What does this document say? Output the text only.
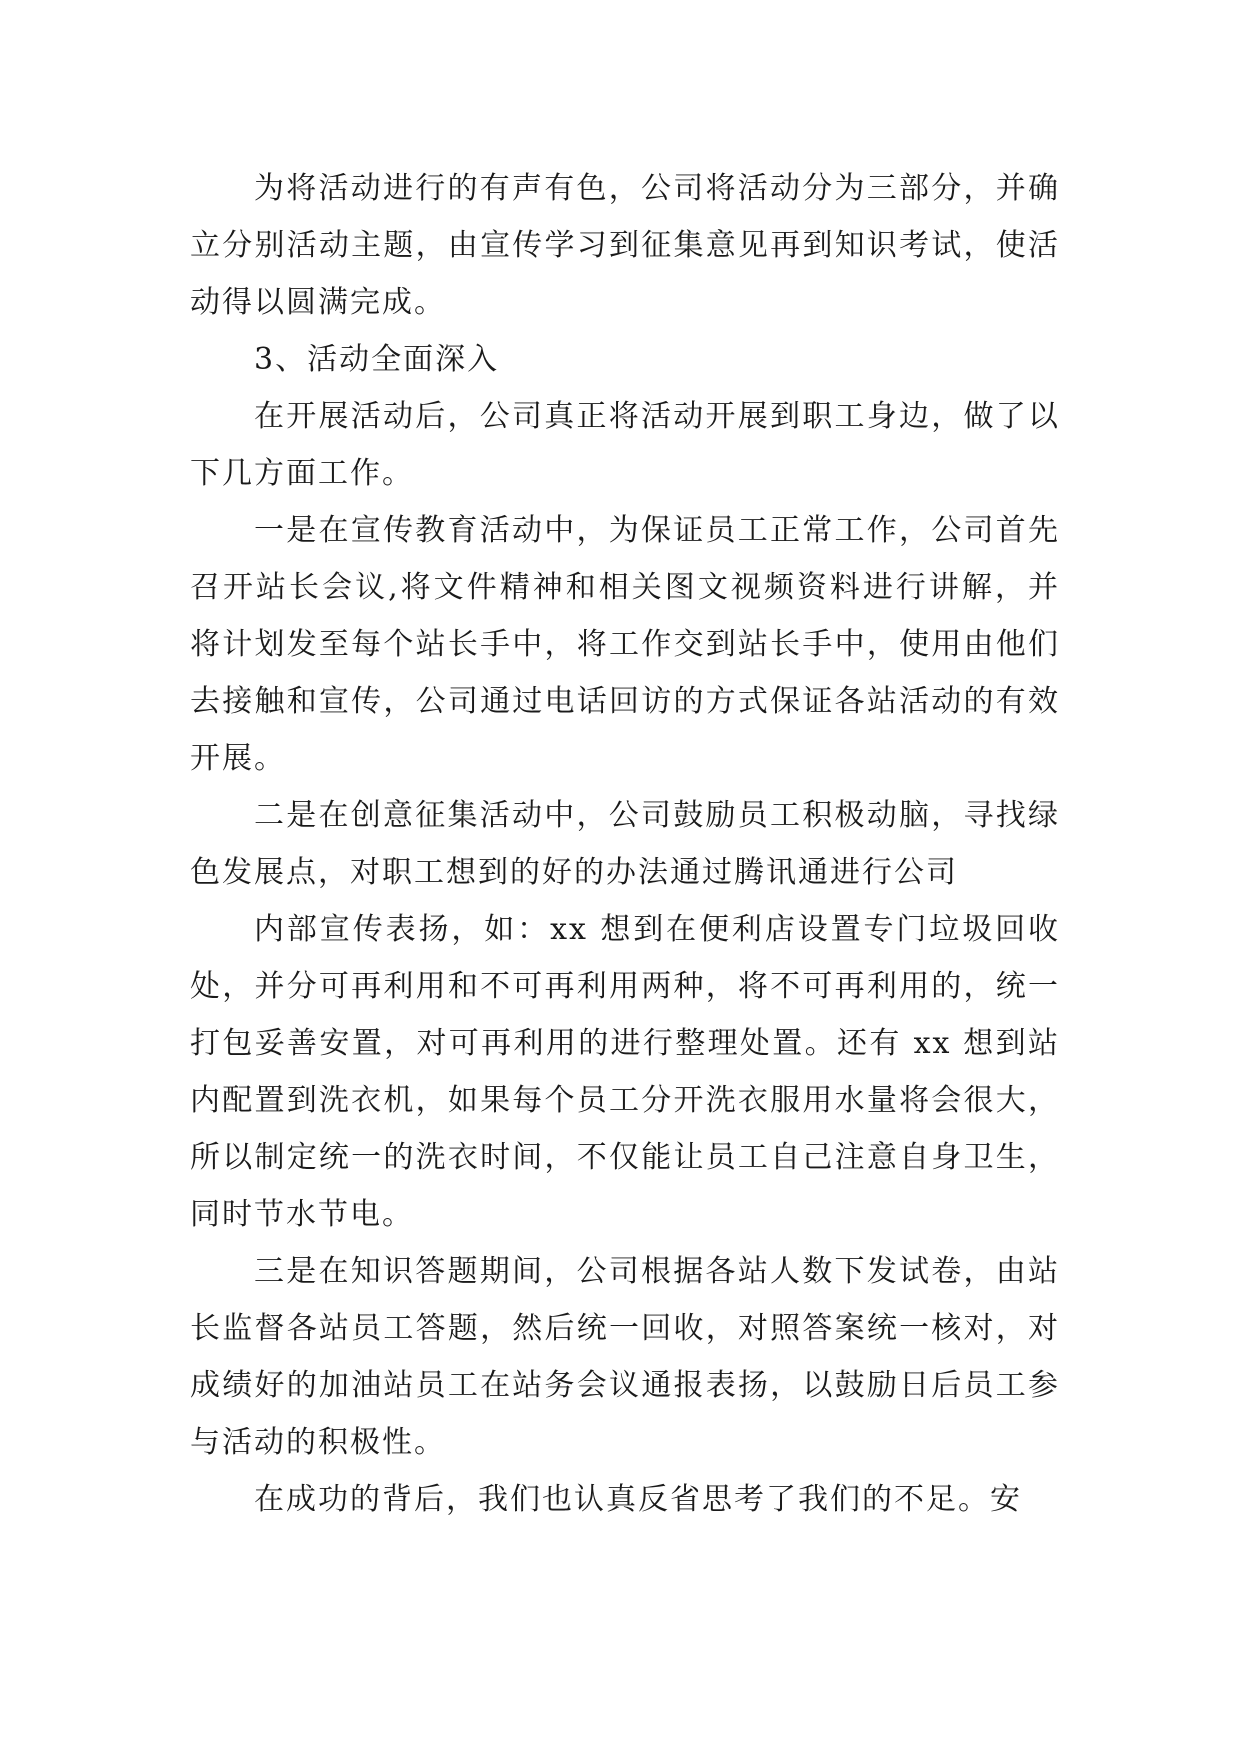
为将活动进行的有声有色，公司将活动分为三部分，并确立分别活动主题，由宣传学习到征集意见再到知识考试，使活动得以圆满完成。

3、活动全面深入

在开展活动后，公司真正将活动开展到职工身边，做了以下几方面工作。

一是在宣传教育活动中，为保证员工正常工作，公司首先召开站长会议,将文件精神和相关图文视频资料进行讲解，并将计划发至每个站长手中，将工作交到站长手中，使用由他们去接触和宣传，公司通过电话回访的方式保证各站活动的有效开展。

二是在创意征集活动中，公司鼓励员工积极动脑，寻找绿色发展点，对职工想到的好的办法通过腾讯通进行公司

内部宣传表扬，如：xx 想到在便利店设置专门垃圾回收处，并分可再利用和不可再利用两种，将不可再利用的，统一打包妥善安置，对可再利用的进行整理处置。还有 xx 想到站内配置到洗衣机，如果每个员工分开洗衣服用水量将会很大，所以制定统一的洗衣时间，不仅能让员工自己注意自身卫生，同时节水节电。

三是在知识答题期间，公司根据各站人数下发试卷，由站长监督各站员工答题，然后统一回收，对照答案统一核对，对成绩好的加油站员工在站务会议通报表扬，以鼓励日后员工参与活动的积极性。

在成功的背后，我们也认真反省思考了我们的不足。安
